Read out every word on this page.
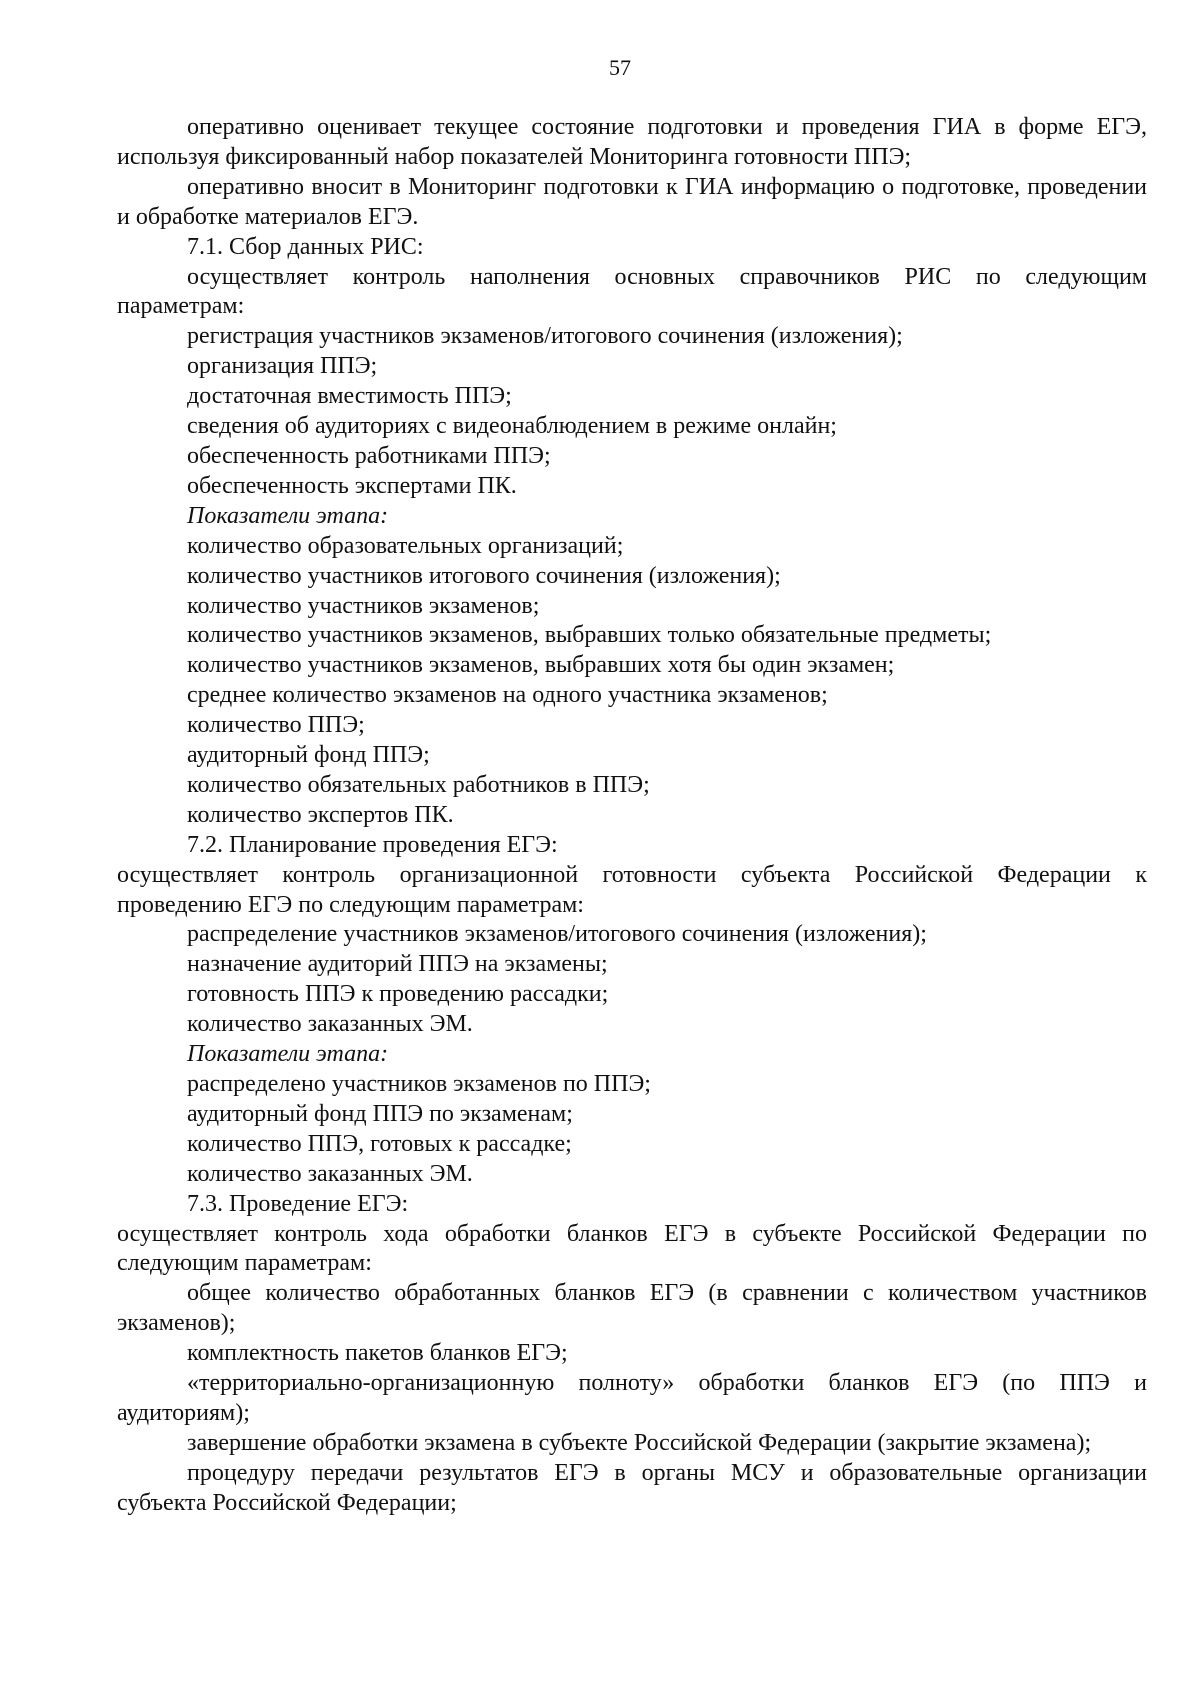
57

оперативно оценивает текущее состояние подготовки и проведения ГИА в форме ЕГЭ, используя фиксированный набор показателей Мониторинга готовности ППЭ;

оперативно вносит в Мониторинг подготовки к ГИА информацию о подготовке, проведении и обработке материалов ЕГЭ.

7.1. Сбор данных РИС:

осуществляет контроль наполнения основных справочников РИС по следующим параметрам:

регистрация участников экзаменов/итогового сочинения (изложения);

организация ППЭ;

достаточная вместимость ППЭ;

сведения об аудиториях с видеонаблюдением в режиме онлайн;

обеспеченность работниками ППЭ;

обеспеченность экспертами ПК.

Показатели этапа:

количество образовательных организаций;

количество участников итогового сочинения (изложения);

количество участников экзаменов;

количество участников экзаменов, выбравших только обязательные предметы;

количество участников экзаменов, выбравших хотя бы один экзамен;

среднее количество экзаменов на одного участника экзаменов;

количество ППЭ;

аудиторный фонд ППЭ;

количество обязательных работников в ППЭ;

количество экспертов ПК.

7.2. Планирование проведения ЕГЭ:

осуществляет контроль организационной готовности субъекта Российской Федерации к проведению ЕГЭ по следующим параметрам:

распределение участников экзаменов/итогового сочинения (изложения);

назначение аудиторий ППЭ на экзамены;

готовность ППЭ к проведению рассадки;

количество заказанных ЭМ.

Показатели этапа:

распределено участников экзаменов по ППЭ;

аудиторный фонд ППЭ по экзаменам;

количество ППЭ, готовых к рассадке;

количество заказанных ЭМ.

7.3. Проведение ЕГЭ:

осуществляет контроль хода обработки бланков ЕГЭ в субъекте Российской Федерации по следующим параметрам:

общее количество обработанных бланков ЕГЭ (в сравнении с количеством участников экзаменов);

комплектность пакетов бланков ЕГЭ;

«территориально-организационную полноту» обработки бланков ЕГЭ (по ППЭ и аудиториям);

завершение обработки экзамена в субъекте Российской Федерации (закрытие экзамена);

процедуру передачи результатов ЕГЭ в органы МСУ и образовательные организации субъекта Российской Федерации;
